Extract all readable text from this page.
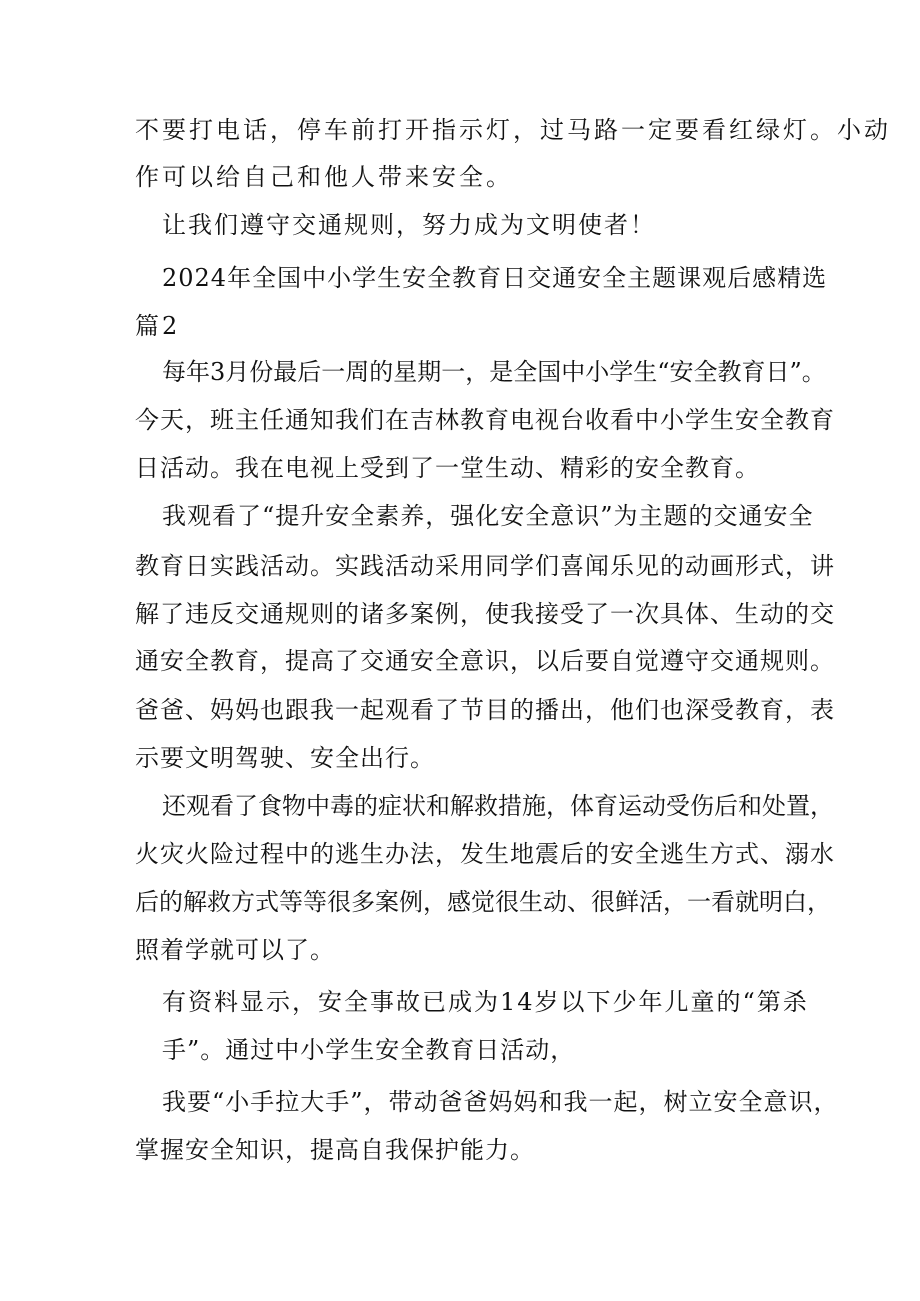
不要打电话，停车前打开指示灯，过马路一定要看红绿灯。小动
作可以给自己和他人带来安全。
让我们遵守交通规则，努力成为文明使者！
2024年全国中小学生安全教育日交通安全主题课观后感精选
篇2
每年3月份最后一周的星期一，是全国中小学生“安全教育日”。
今天，班主任通知我们在吉林教育电视台收看中小学生安全教育
日活动。我在电视上受到了一堂生动、精彩的安全教育。
我观看了“提升安全素养，强化安全意识”为主题的交通安全
教育日实践活动。实践活动采用同学们喜闻乐见的动画形式，讲
解了违反交通规则的诸多案例，使我接受了一次具体、生动的交
通安全教育，提高了交通安全意识，以后要自觉遵守交通规则。
爸爸、妈妈也跟我一起观看了节目的播出，他们也深受教育，表
示要文明驾驶、安全出行。
还观看了食物中毒的症状和解救措施，体育运动受伤后和处置，
火灾火险过程中的逃生办法，发生地震后的安全逃生方式、溺水
后的解救方式等等很多案例，感觉很生动、很鲜活，一看就明白，
照着学就可以了。
有资料显示，安全事故已成为14岁以下少年儿童的“第杀
手”。通过中小学生安全教育日活动，
我要“小手拉大手”，带动爸爸妈妈和我一起，树立安全意识，
掌握安全知识，提高自我保护能力。
